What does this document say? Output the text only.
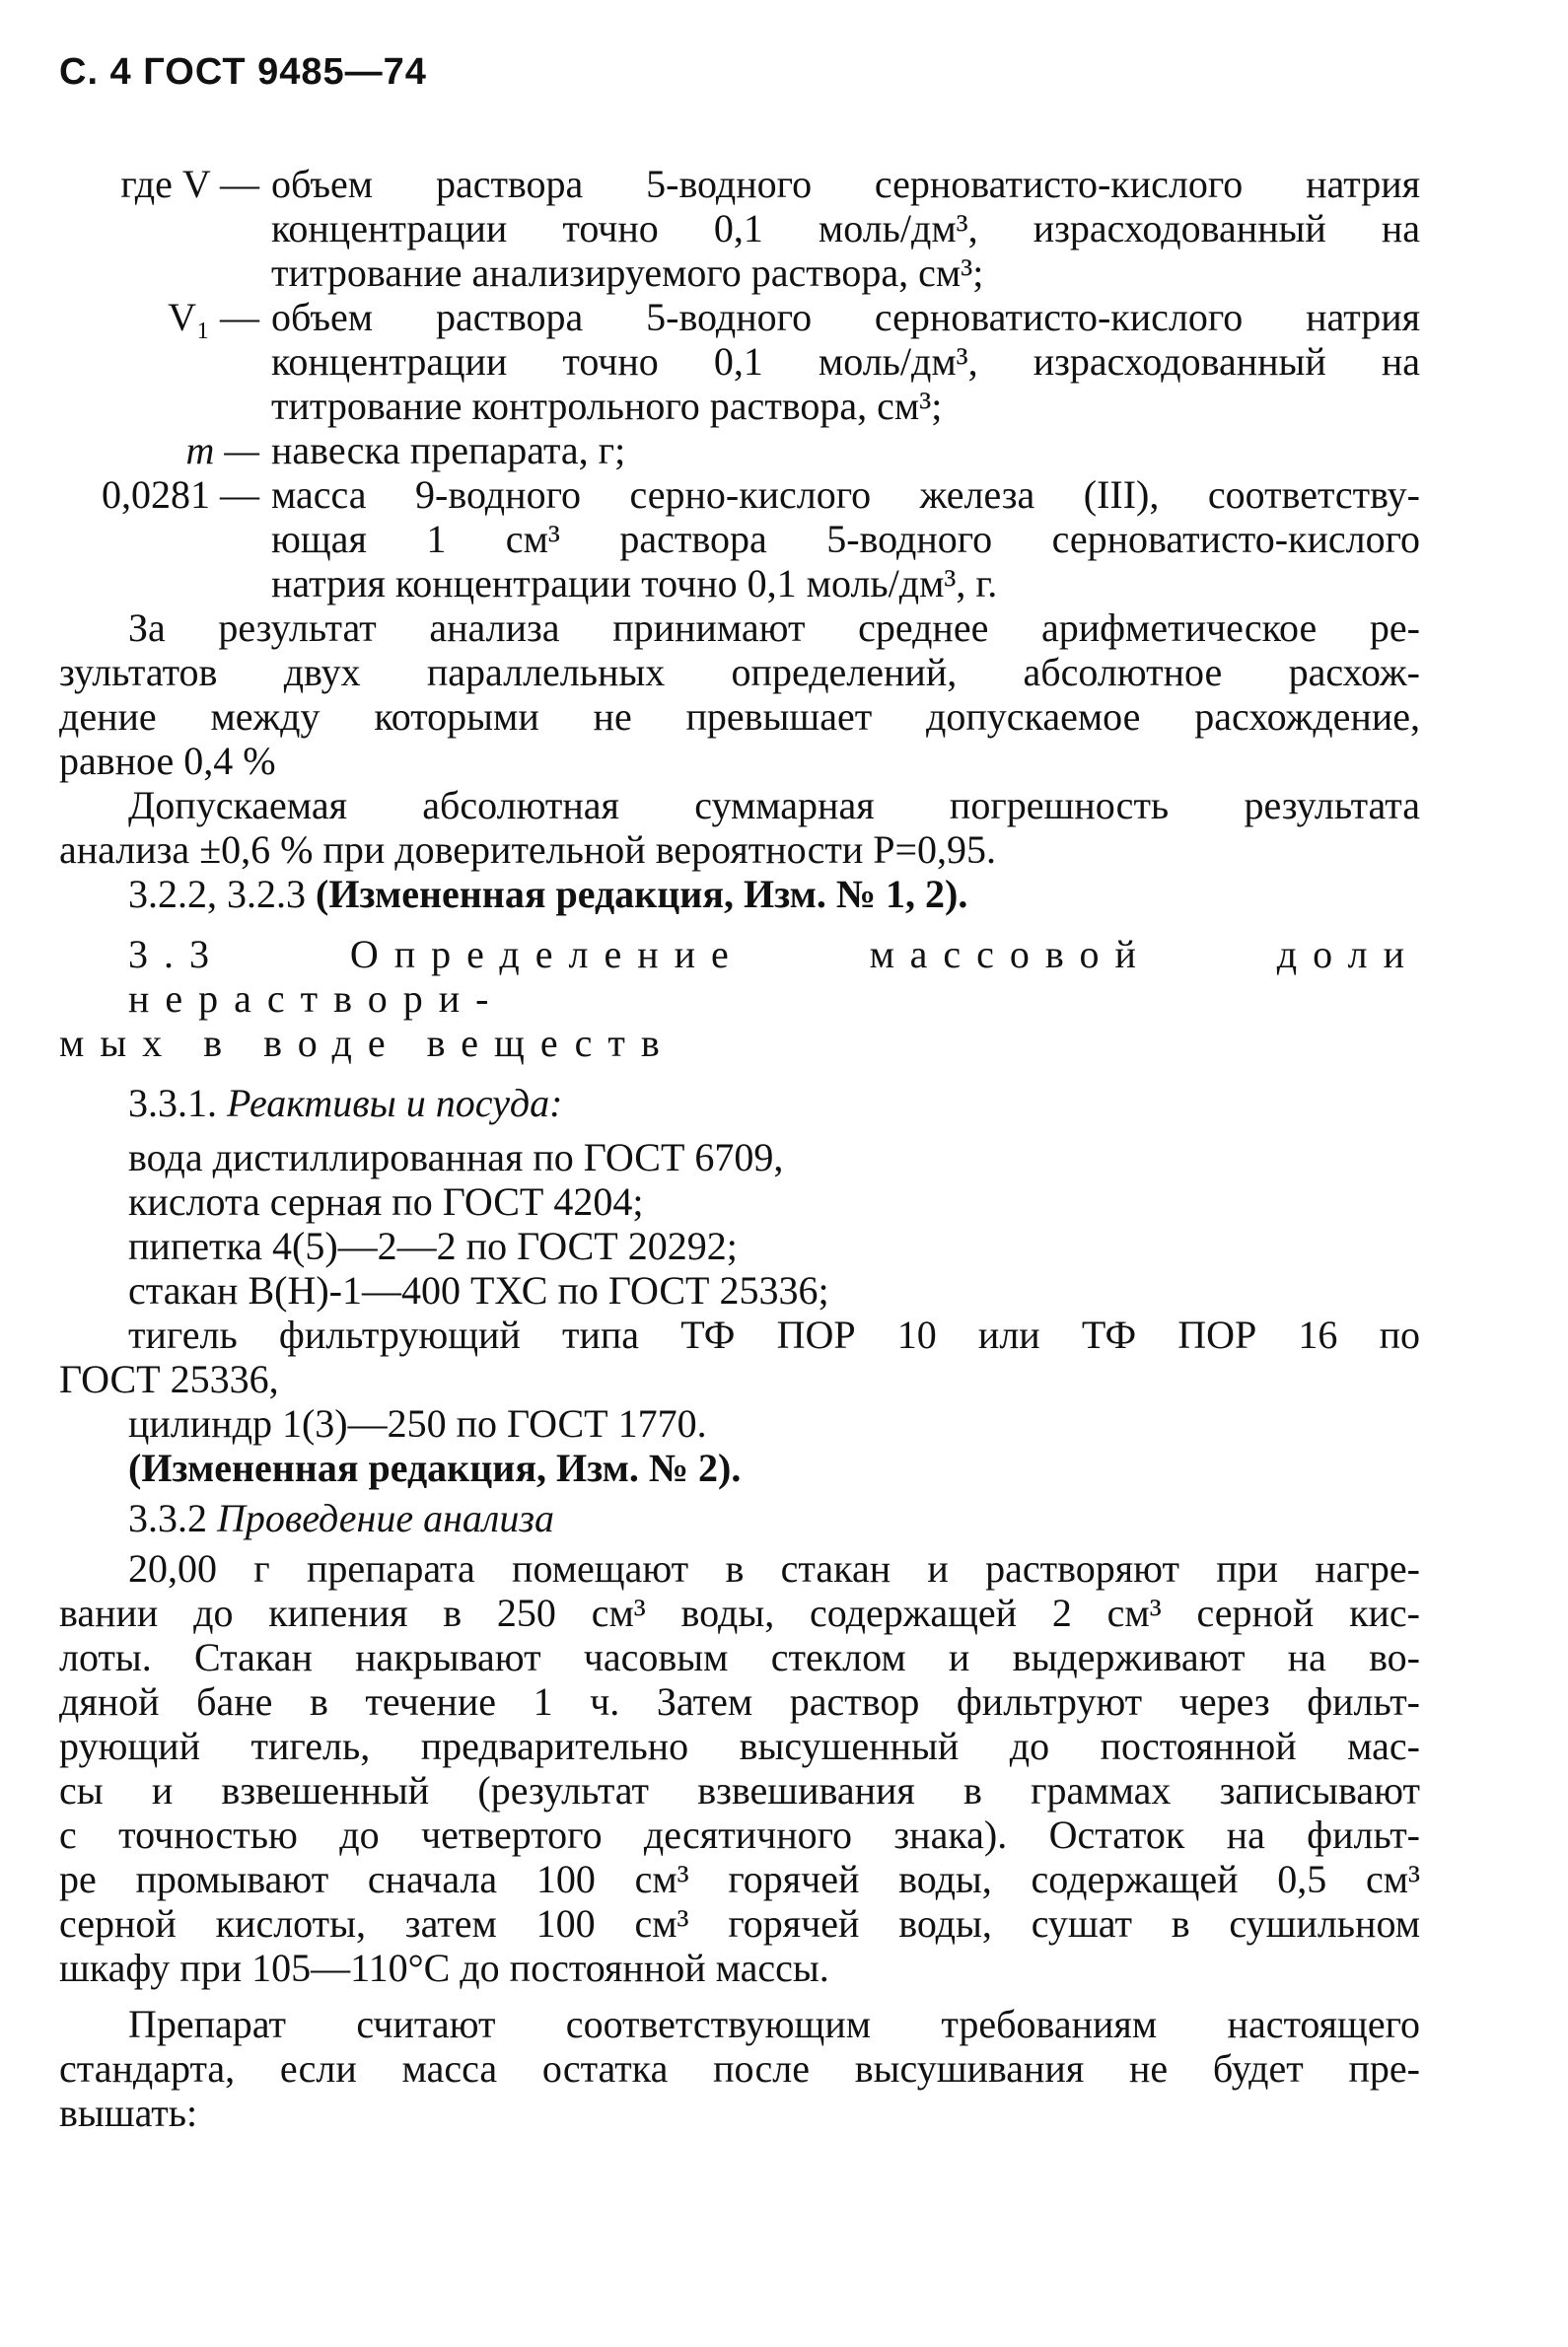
С. 4 ГОСТ 9485—74
где V — объем раствора 5-водного серноватисто-кислого натрия
концентрации точно 0,1 моль/дм³, израсходованный на
титрование анализируемого раствора, см³;
V₁ — объем раствора 5-водного серноватисто-кислого натрия
концентрации точно 0,1 моль/дм³, израсходованный на
титрование контрольного раствора, см³;
m — навеска препарата, г;
0,0281 — масса 9-водного серно-кислого железа (III), соответству-
ющая 1 см³ раствора 5-водного серноватисто-кислого
натрия концентрации точно 0,1 моль/дм³, г.
За результат анализа принимают среднее арифметическое ре-
зультатов двух параллельных определений, абсолютное расхож-
дение между которыми не превышает допускаемое расхождение,
равное 0,4 %
Допускаемая абсолютная суммарная погрешность результата
анализа ±0,6 % при доверительной вероятности P=0,95.
3.2.2, 3.2.3 (Измененная редакция, Изм. № 1, 2).
3.3 Определение массовой доли нераствори-
мых в воде веществ
3.3.1. Реактивы и посуда:
вода дистиллированная по ГОСТ 6709,
кислота серная по ГОСТ 4204;
пипетка 4(5)—2—2 по ГОСТ 20292;
стакан В(Н)-1—400 ТХС по ГОСТ 25336;
тигель фильтрующий типа ТФ ПОР 10 или ТФ ПОР 16 по
ГОСТ 25336,
цилиндр 1(3)—250 по ГОСТ 1770.
(Измененная редакция, Изм. № 2).
3.3.2 Проведение анализа
20,00 г препарата помещают в стакан и растворяют при нагре-
вании до кипения в 250 см³ воды, содержащей 2 см³ серной кис-
лоты. Стакан накрывают часовым стеклом и выдерживают на во-
дяной бане в течение 1 ч. Затем раствор фильтруют через фильт-
рующий тигель, предварительно высушенный до постоянной мас-
сы и взвешенный (результат взвешивания в граммах записывают
с точностью до четвертого десятичного знака). Остаток на фильт-
ре промывают сначала 100 см³ горячей воды, содержащей 0,5 см³
серной кислоты, затем 100 см³ горячей воды, сушат в сушильном
шкафу при 105—110°С до постоянной массы.
Препарат считают соответствующим требованиям настоящего
стандарта, если масса остатка после высушивания не будет пре-
вышать:
